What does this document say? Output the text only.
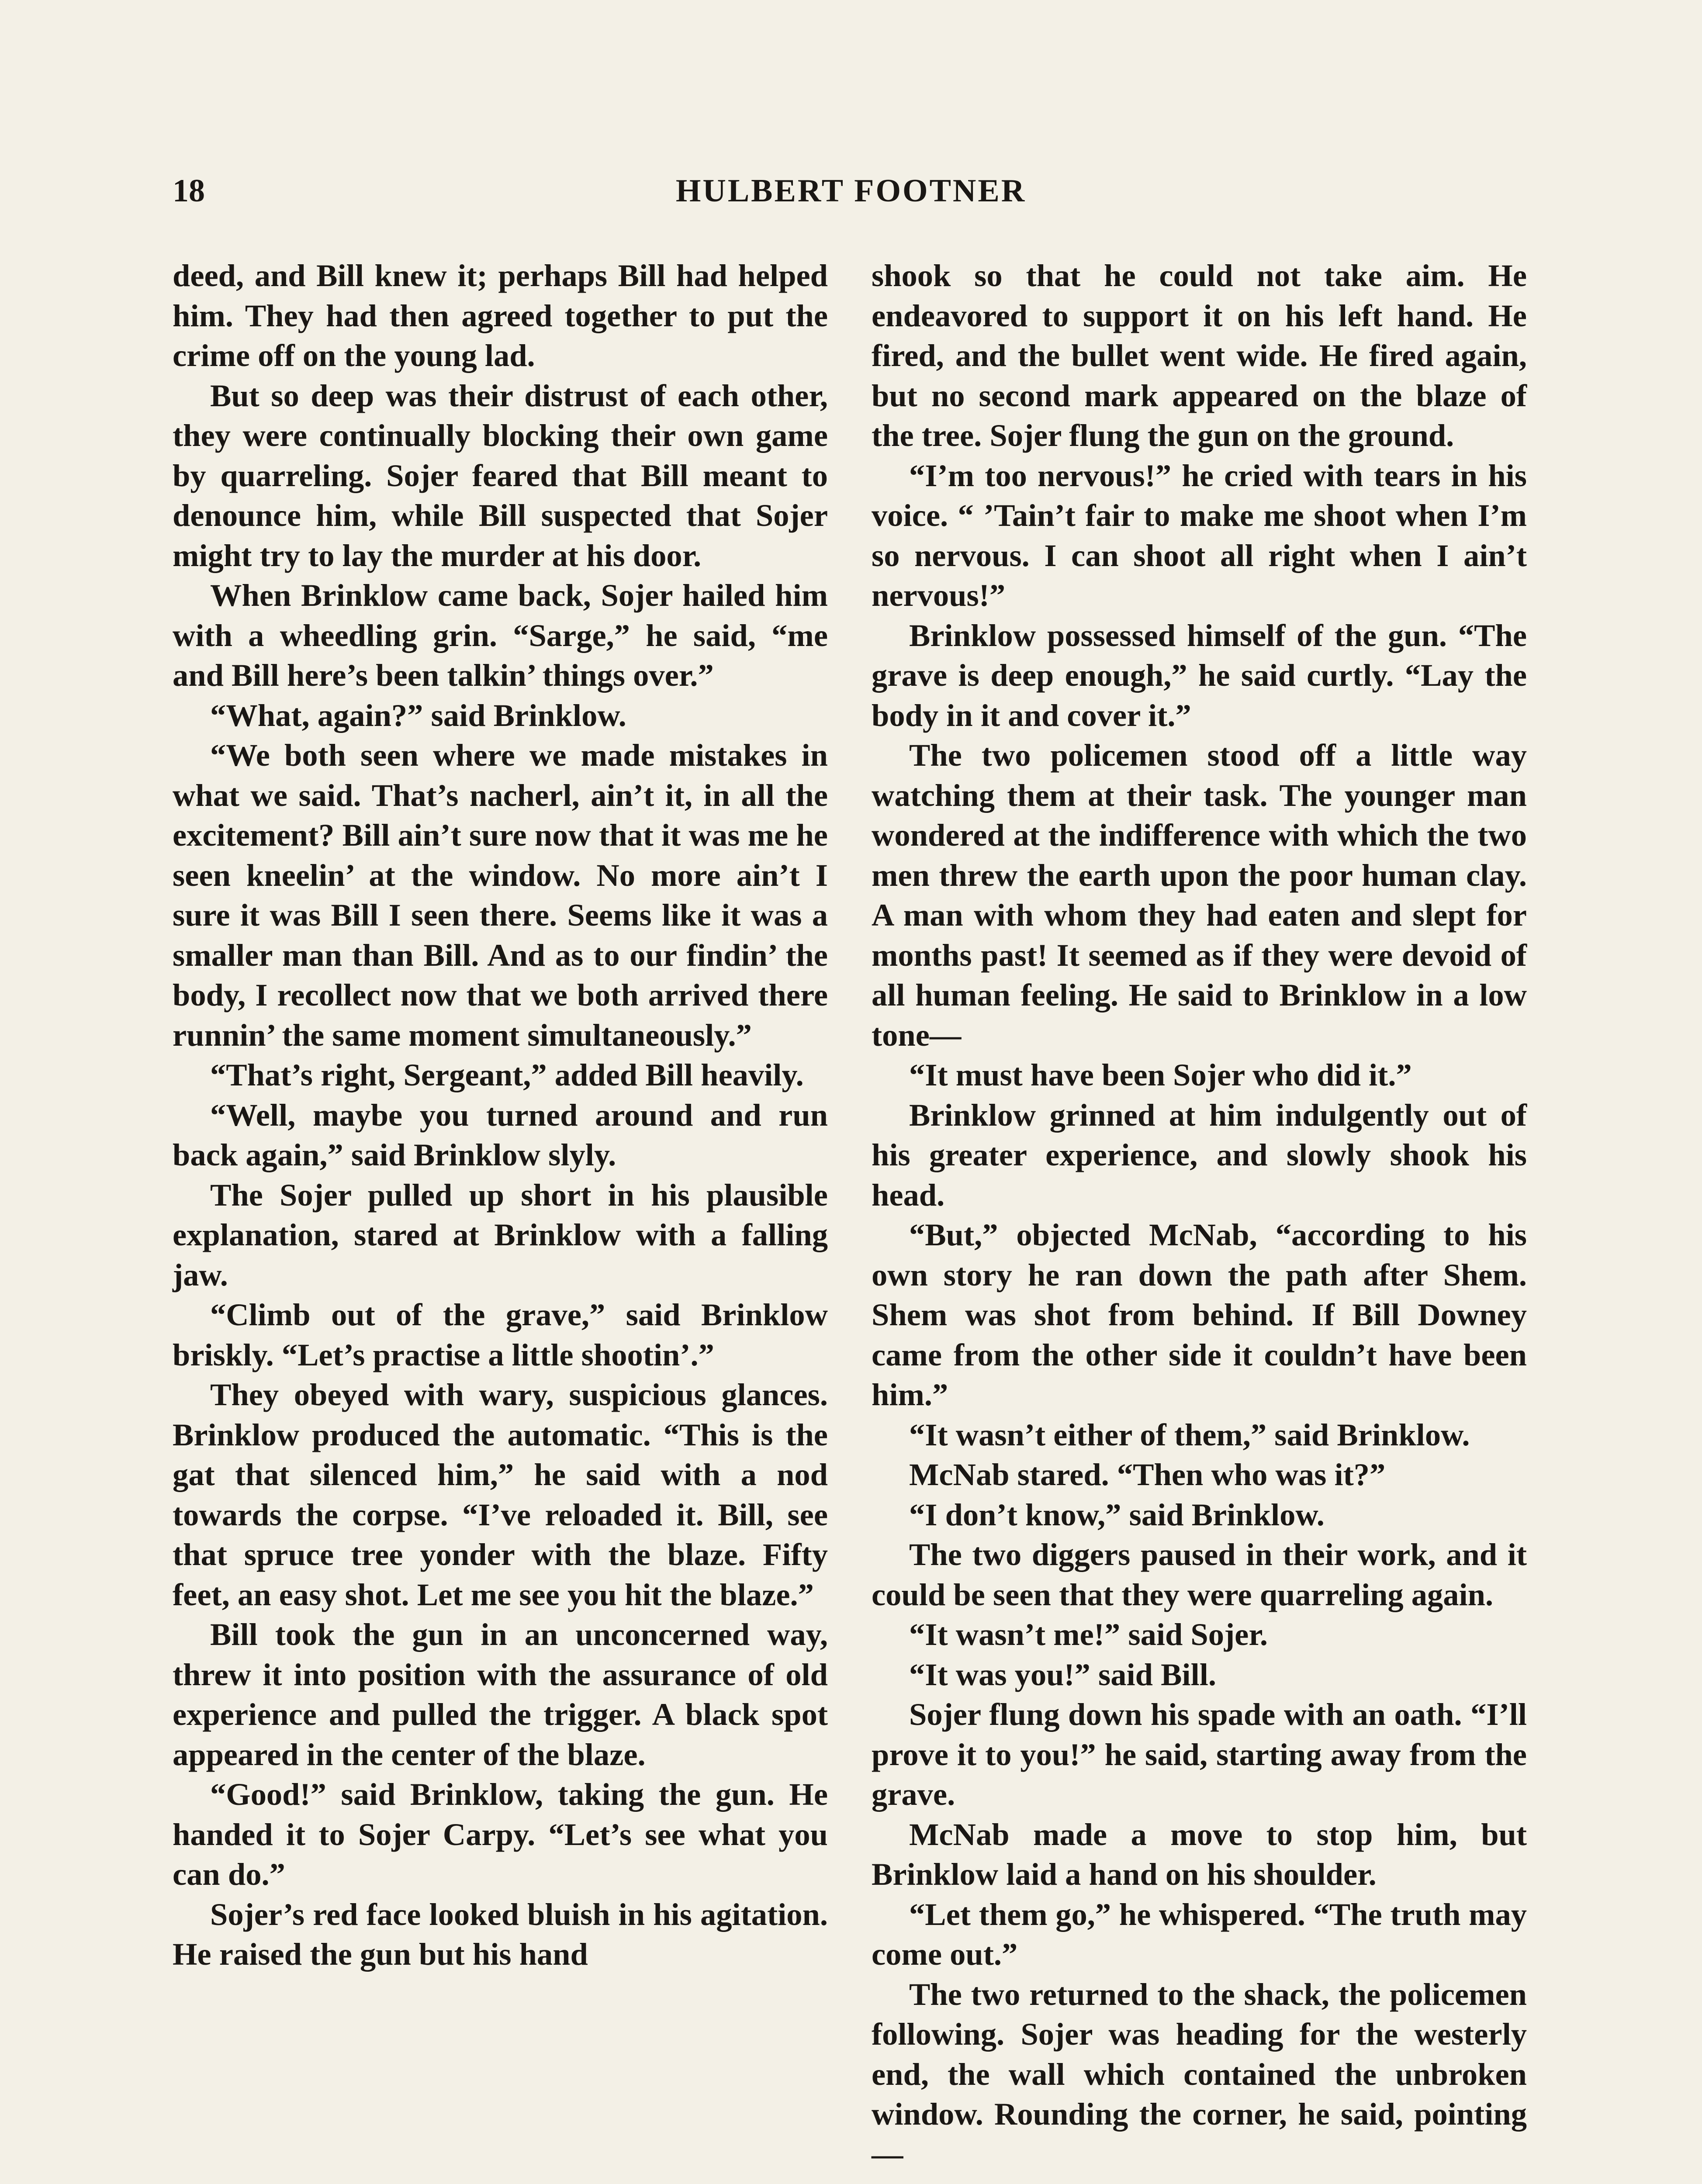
18	HULBERT FOOTNER

deed, and Bill knew it; perhaps Bill had helped him. They had then agreed together to put the crime off on the young lad.

But so deep was their distrust of each other, they were continually blocking their own game by quarreling. Sojer feared that Bill meant to denounce him, while Bill suspected that Sojer might try to lay the murder at his door.

When Brinklow came back, Sojer hailed him with a wheedling grin. “Sarge,” he said, “me and Bill here’s been talkin’ things over.”

“What, again?” said Brinklow.

“We both seen where we made mistakes in what we said. That’s nacherl, ain’t it, in all the excitement? Bill ain’t sure now that it was me he seen kneelin’ at the window. No more ain’t I sure it was Bill I seen there. Seems like it was a smaller man than Bill. And as to our findin’ the body, I recollect now that we both arrived there runnin’ the same moment simultaneously.”

“That’s right, Sergeant,” added Bill heavily.

“Well, maybe you turned around and run back again,” said Brinklow slyly.

The Sojer pulled up short in his plausible explanation, stared at Brinklow with a falling jaw.

“Climb out of the grave,” said Brinklow briskly. “Let’s practise a little shootin’.”

They obeyed with wary, suspicious glances. Brinklow produced the automatic. “This is the gat that silenced him,” he said with a nod towards the corpse. “I’ve reloaded it. Bill, see that spruce tree yonder with the blaze. Fifty feet, an easy shot. Let me see you hit the blaze.”

Bill took the gun in an unconcerned way, threw it into position with the assurance of old experience and pulled the trigger. A black spot appeared in the center of the blaze.

“Good!” said Brinklow, taking the gun. He handed it to Sojer Carpy. “Let’s see what you can do.”

Sojer’s red face looked bluish in his agitation. He raised the gun but his hand

shook so that he could not take aim. He endeavored to support it on his left hand. He fired, and the bullet went wide. He fired again, but no second mark appeared on the blaze of the tree. Sojer flung the gun on the ground.

“I’m too nervous!” he cried with tears in his voice. “ ’Tain’t fair to make me shoot when I’m so nervous. I can shoot all right when I ain’t nervous!”

Brinklow possessed himself of the gun. “The grave is deep enough,” he said curtly. “Lay the body in it and cover it.”

The two policemen stood off a little way watching them at their task. The younger man wondered at the indifference with which the two men threw the earth upon the poor human clay. A man with whom they had eaten and slept for months past! It seemed as if they were devoid of all human feeling. He said to Brinklow in a low tone—

“It must have been Sojer who did it.”

Brinklow grinned at him indulgently out of his greater experience, and slowly shook his head.

“But,” objected McNab, “according to his own story he ran down the path after Shem. Shem was shot from behind. If Bill Downey came from the other side it couldn’t have been him.”

“It wasn’t either of them,” said Brinklow.

McNab stared. “Then who was it?”

“I don’t know,” said Brinklow.

The two diggers paused in their work, and it could be seen that they were quarreling again.

“It wasn’t me!” said Sojer.

“It was you!” said Bill.

Sojer flung down his spade with an oath. “I’ll prove it to you!” he said, starting away from the grave.

McNab made a move to stop him, but Brinklow laid a hand on his shoulder.

“Let them go,” he whispered. “The truth may come out.”

The two returned to the shack, the policemen following. Sojer was heading for the westerly end, the wall which contained the unbroken window. Rounding the corner, he said, pointing—
